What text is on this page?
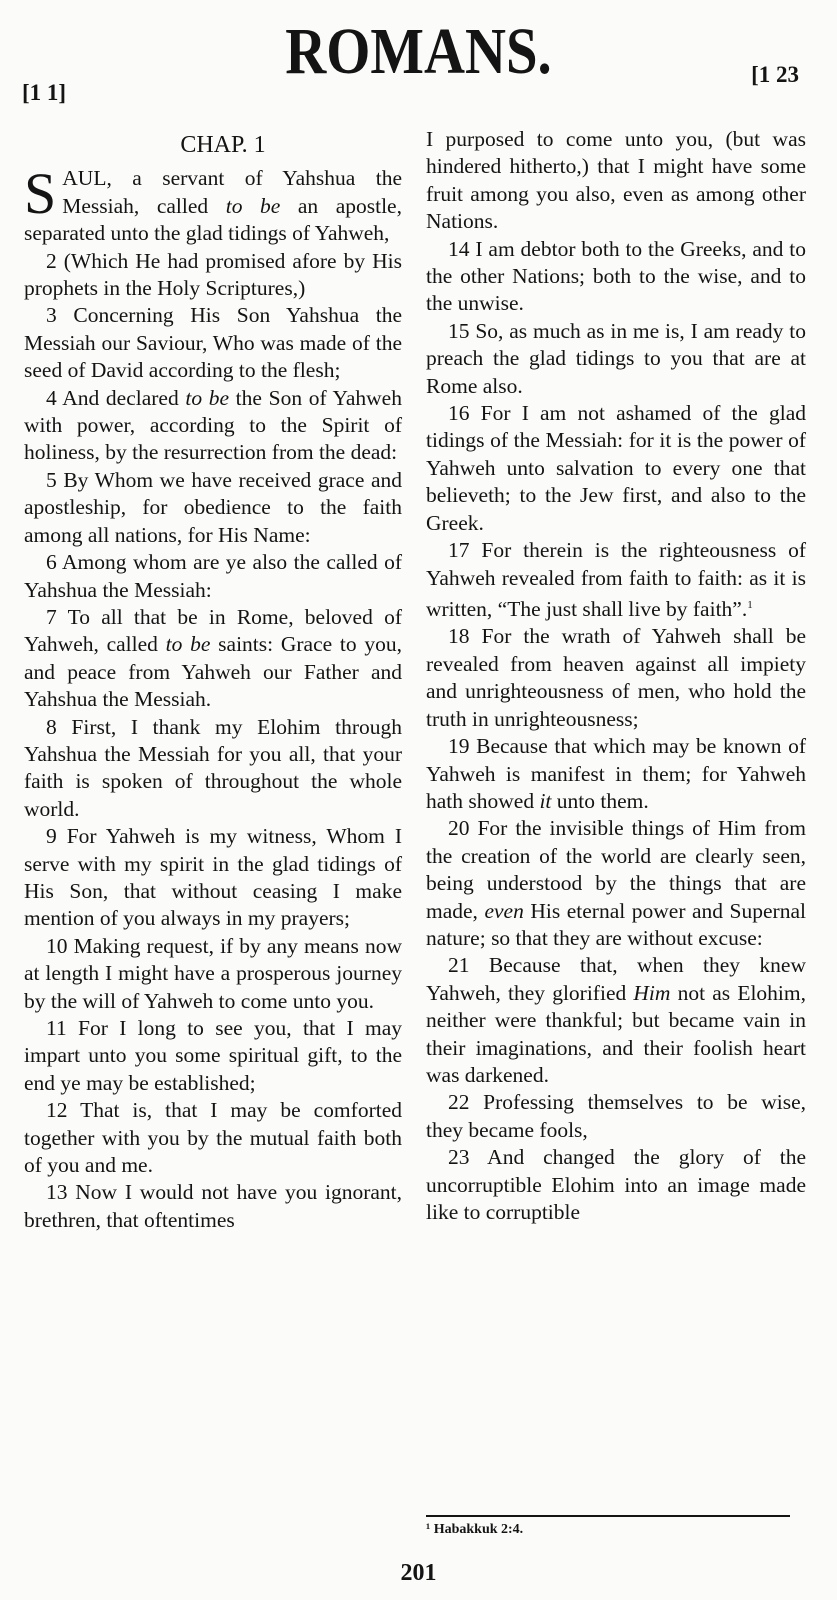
[1 1]
ROMANS.	[1 23
CHAP. 1

SAUL, a servant of Yahshua the Messiah, called to be an apostle, separated unto the glad tidings of Yahweh,

2 (Which He had promised afore by His prophets in the Holy Scriptures,)

3 Concerning His Son Yahshua the Messiah our Saviour, Who was made of the seed of David according to the flesh;

4 And declared to be the Son of Yahweh with power, according to the Spirit of holiness, by the resurrection from the dead:

5 By Whom we have received grace and apostleship, for obedience to the faith among all nations, for His Name:

6 Among whom are ye also the called of Yahshua the Messiah:

7 To all that be in Rome, beloved of Yahweh, called to be saints: Grace to you, and peace from Yahweh our Father and Yahshua the Messiah.

8 First, I thank my Elohim through Yahshua the Messiah for you all, that your faith is spoken of throughout the whole world.

9 For Yahweh is my witness, Whom I serve with my spirit in the glad tidings of His Son, that without ceasing I make mention of you always in my prayers;

10 Making request, if by any means now at length I might have a prosperous journey by the will of Yahweh to come unto you.

11 For I long to see you, that I may impart unto you some spiritual gift, to the end ye may be established;

12 That is, that I may be comforted together with you by the mutual faith both of you and me.

13 Now I would not have you ignorant, brethren, that oftentimes

I purposed to come unto you, (but was hindered hitherto,) that I might have some fruit among you also, even as among other Nations.

14 I am debtor both to the Greeks, and to the other Nations; both to the wise, and to the unwise.

15 So, as much as in me is, I am ready to preach the glad tidings to you that are at Rome also.

16 For I am not ashamed of the glad tidings of the Messiah: for it is the power of Yahweh unto salvation to every one that believeth; to the Jew first, and also to the Greek.

17 For therein is the righteousness of Yahweh revealed from faith to faith: as it is written, “The just shall live by faith”.$^1$

18 For the wrath of Yahweh shall be revealed from heaven against all impiety and unrighteousness of men, who hold the truth in unrighteousness;

19 Because that which may be known of Yahweh is manifest in them; for Yahweh hath showed it unto them.

20 For the invisible things of Him from the creation of the world are clearly seen, being understood by the things that are made, even His eternal power and Supernal nature; so that they are without excuse:

21 Because that, when they knew Yahweh, they glorified Him not as Elohim, neither were thankful; but became vain in their imaginations, and their foolish heart was darkened.

22 Professing themselves to be wise, they became fools,

23 And changed the glory of the uncorruptible Elohim into an image made like to corruptible

¹ Habakkuk 2:4.
201
